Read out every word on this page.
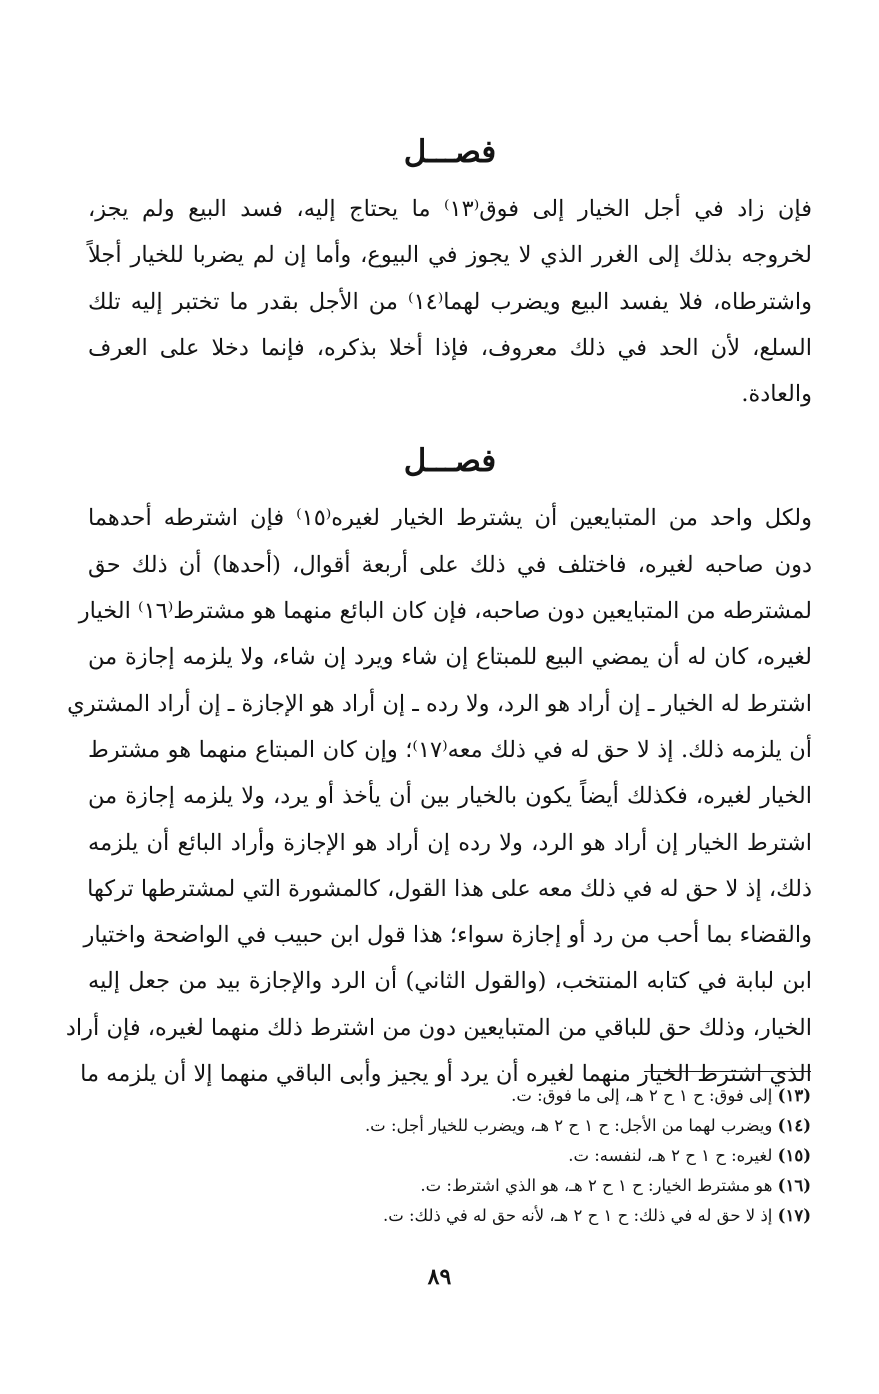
فصـــل

فإن زاد في أجل الخيار إلى فوق⁽١٣⁾ ما يحتاج إليه، فسد البيع ولم يجز،
لخروجه بذلك إلى الغرر الذي لا يجوز في البيوع، وأما إن لم يضربا للخيار أجلاً
واشترطاه، فلا يفسد البيع ويضرب لهما⁽١٤⁾ من الأجل بقدر ما تختبر إليه تلك
السلع، لأن الحد في ذلك معروف، فإذا أخلا بذكره، فإنما دخلا على العرف
والعادة.

فصـــل

ولكل واحد من المتبايعين أن يشترط الخيار لغيره⁽١٥⁾ فإن اشترطه أحدهما
دون صاحبه لغيره، فاختلف في ذلك على أربعة أقوال، (أحدها) أن ذلك حق
لمشترطه من المتبايعين دون صاحبه، فإن كان البائع منهما هو مشترط⁽١٦⁾ الخيار
لغيره، كان له أن يمضي البيع للمبتاع إن شاء ويرد إن شاء، ولا يلزمه إجازة من
اشترط له الخيار ـ إن أراد هو الرد، ولا رده ـ إن أراد هو الإجازة ـ إن أراد المشتري
أن يلزمه ذلك. إذ لا حق له في ذلك معه⁽١٧⁾؛ وإن كان المبتاع منهما هو مشترط
الخيار لغيره، فكذلك أيضاً يكون بالخيار بين أن يأخذ أو يرد، ولا يلزمه إجازة من
اشترط الخيار إن أراد هو الرد، ولا رده إن أراد هو الإجازة وأراد البائع أن يلزمه
ذلك، إذ لا حق له في ذلك معه على هذا القول، كالمشورة التي لمشترطها تركها
والقضاء بما أحب من رد أو إجازة سواء؛ هذا قول ابن حبيب في الواضحة واختيار
ابن لبابة في كتابه المنتخب، (والقول الثاني) أن الرد والإجازة بيد من جعل إليه
الخيار، وذلك حق للباقي من المتبايعين دون من اشترط ذلك منهما لغيره، فإن أراد
الذي اشترط الخيار منهما لغيره أن يرد أو يجيز وأبى الباقي منهما إلا أن يلزمه ما

(١٣) إلى فوق: ح ١ ح ٢ هـ، إلى ما فوق: ت.
(١٤) ويضرب لهما من الأجل: ح ١ ح ٢ هـ، ويضرب للخيار أجل: ت.
(١٥) لغيره: ح ١ ح ٢ هـ، لنفسه: ت.
(١٦) هو مشترط الخيار: ح ١ ح ٢ هـ، هو الذي اشترط: ت.
(١٧) إذ لا حق له في ذلك: ح ١ ح ٢ هـ، لأنه حق له في ذلك: ت.
٨٩
